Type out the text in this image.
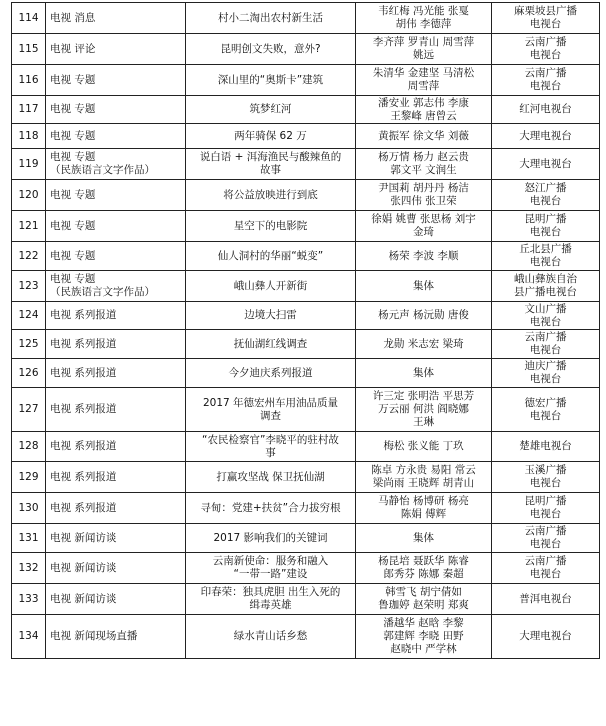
114	电视 消息	村小二淘出农村新生活	韦红梅 冯光能 张戛
胡伟 李德萍	麻栗坡县广播
电视台

115	电视 评论	昆明创文失败，意外?	李齐萍 罗青山 周雪萍
姚远	云南广播
电视台

116	电视 专题	深山里的“奥斯卡”建筑	朱清华 金建坚 马清松
周雪萍	云南广播
电视台

117	电视 专题	筑梦红河	潘安业 郭志伟 李康
王黎峰 唐曾云	红河电视台

118	电视 专题	两年骑保 62 万	黄振军 徐文华 刘薇	大理电视台

119	电视 专题
（民族语言文字作品）	说白语 + 洱海渔民与酸辣鱼的
故事	杨万情 杨力 赵云贵
郭文平 文润生	大理电视台

120	电视 专题	将公益放映进行到底	尹国莉 胡丹丹 杨洁
张四伟 张卫荣	怒江广播
电视台

121	电视 专题	星空下的电影院	徐娟 姚曹 张思杨 刘宇
金琦	昆明广播
电视台

122	电视 专题	仙人洞村的华丽“蜕变”	杨荣 李波 李顺	丘北县广播
电视台

123	电视 专题
（民族语言文字作品）	峨山彝人开新街	集体	峨山彝族自治
县广播电视台

124	电视 系列报道	边境大扫雷	杨元声 杨沅勋 唐俊	文山广播
电视台

125	电视 系列报道	抚仙湖红线调查	龙勋 米志宏 梁琦	云南广播
电视台

126	电视 系列报道	今夕迪庆系列报道	集体	迪庆广播
电视台

127	电视 系列报道	2017 年德宏州车用油品质量
调查	许三定 张明浩 平思芳
万云丽 何洪 阎晓娜
王琳	德宏广播
电视台

128	电视 系列报道	“农民检察官”李晓平的驻村故
事	梅松 张义能 丁玖	楚雄电视台

129	电视 系列报道	打赢攻坚战 保卫抚仙湖	陈卓 方永贵 易阳 常云
梁尚雨 王晓辉 胡青山	玉溪广播
电视台

130	电视 系列报道	寻甸：党建+扶贫”合力拔穷根	马静怡 杨博研 杨亮
陈娟 傅辉	昆明广播
电视台

131	电视 新闻访谈	2017 影响我们的关键词	集体	云南广播
电视台

132	电视 新闻访谈	云南新使命：服务和融入
“一带一路”建设	杨昆培 聂跃华 陈睿
郎秀芬 陈娜 秦超	云南广播
电视台

133	电视 新闻访谈	印春荣：独具虎胆 出生入死的
缉毒英雄	韩雪飞 胡宁倩如
鲁珈婷 赵荣明 郑爽	普洱电视台

134	电视 新闻现场直播	绿水青山话乡愁	潘越华 赵晗 李黎
郭建辉 李晓 田野
赵晓中 严学林	大理电视台
